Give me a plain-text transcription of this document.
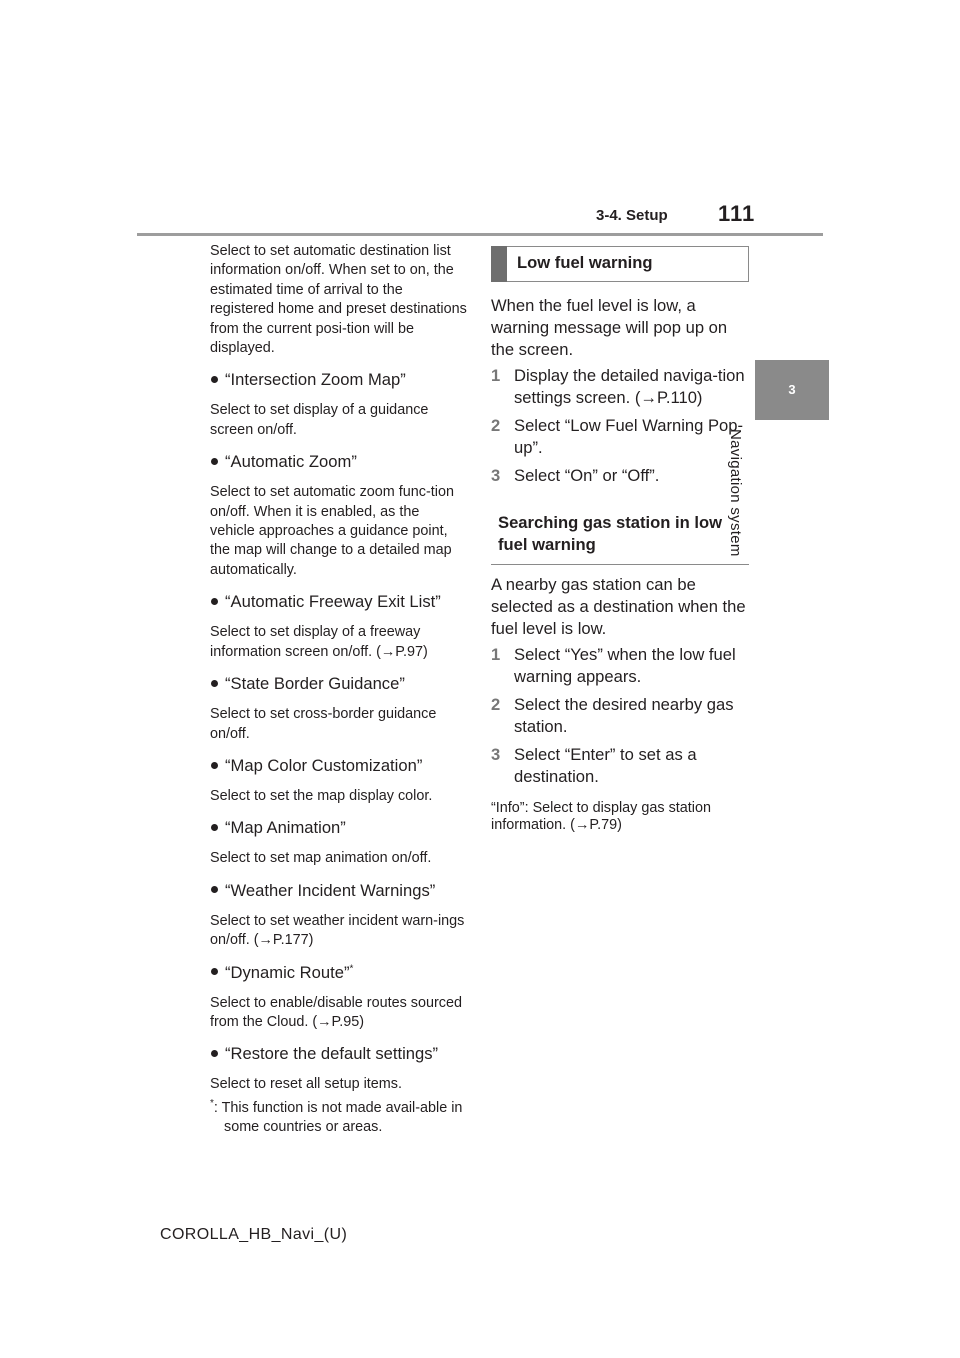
3-4. Setup 111
3
Navigation system

Select to set automatic destination list information on/off. When set to on, the estimated time of arrival to the registered home and preset destinations from the current posi-tion will be displayed.

“Intersection Zoom Map”

Select to set display of a guidance screen on/off.

“Automatic Zoom”

Select to set automatic zoom func-tion on/off. When it is enabled, as the vehicle approaches a guidance point, the map will change to a detailed map automatically.

“Automatic Freeway Exit List”

Select to set display of a freeway information screen on/off. (→P.97)

“State Border Guidance”

Select to set cross-border guidance on/off.

“Map Color Customization”

Select to set the map display color.

“Map Animation”

Select to set map animation on/off.

“Weather Incident Warnings”

Select to set weather incident warn-ings on/off. (→P.177)

“Dynamic Route”*

Select to enable/disable routes sourced from the Cloud. (→P.95)

“Restore the default settings”

Select to reset all setup items.

*: This function is not made avail-able in some countries or areas.
Low fuel warning

When the fuel level is low, a warning message will pop up on the screen.

1 Display the detailed naviga-tion settings screen. (→P.110)
2 Select “Low Fuel Warning Pop-up”.
3 Select “On” or “Off”.
Searching gas station in low fuel warning

A nearby gas station can be selected as a destination when the fuel level is low.

1 Select “Yes” when the low fuel warning appears.
2 Select the desired nearby gas station.
3 Select “Enter” to set as a destination.

“Info”: Select to display gas station information. (→P.79)

COROLLA_HB_Navi_(U)
